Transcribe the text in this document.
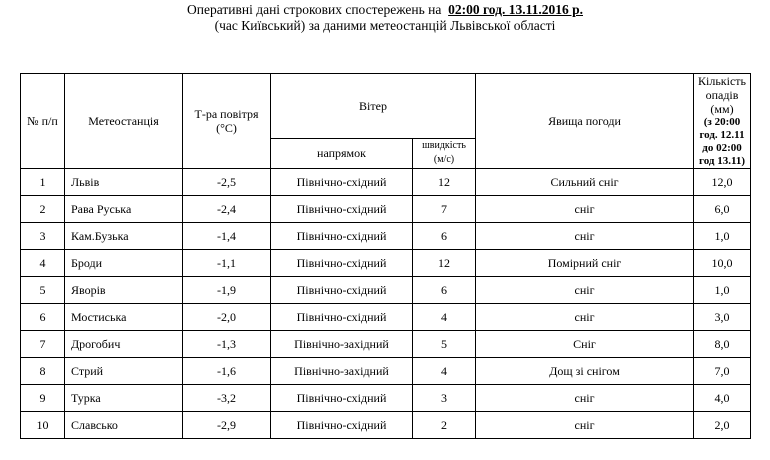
Оперативні дані строкових спостережень на 02:00 год. 13.11.2016 р.
(час Київський) за даними метеостанцій Львівської області
№ п/п	Метеостанція	Т-ра повітря (°С)	Вітер		Явища погоди	Кількість опадів (мм)
(з 20:00 год. 12.11 до 02:00 год 13.11)

			напрямок	швидкість (м/с)		
1	Львів	-2,5	Північно-східний	12	Сильний сніг	12,0
2	Рава Руська	-2,4	Північно-східний	7	сніг	6,0
3	Кам.Бузька	-1,4	Північно-східний	6	сніг	1,0
4	Броди	-1,1	Північно-східний	12	Помірний сніг	10,0
5	Яворів	-1,9	Північно-східний	6	сніг	1,0
6	Мостиська	-2,0	Північно-східний	4	сніг	3,0
7	Дрогобич	-1,3	Північно-західний	5	Сніг	8,0
8	Стрий	-1,6	Північно-західний	4	Дощ зі снігом	7,0
9	Турка	-3,2	Північно-східний	3	сніг	4,0
10	Славсько	-2,9	Північно-східний	2	сніг	2,0
